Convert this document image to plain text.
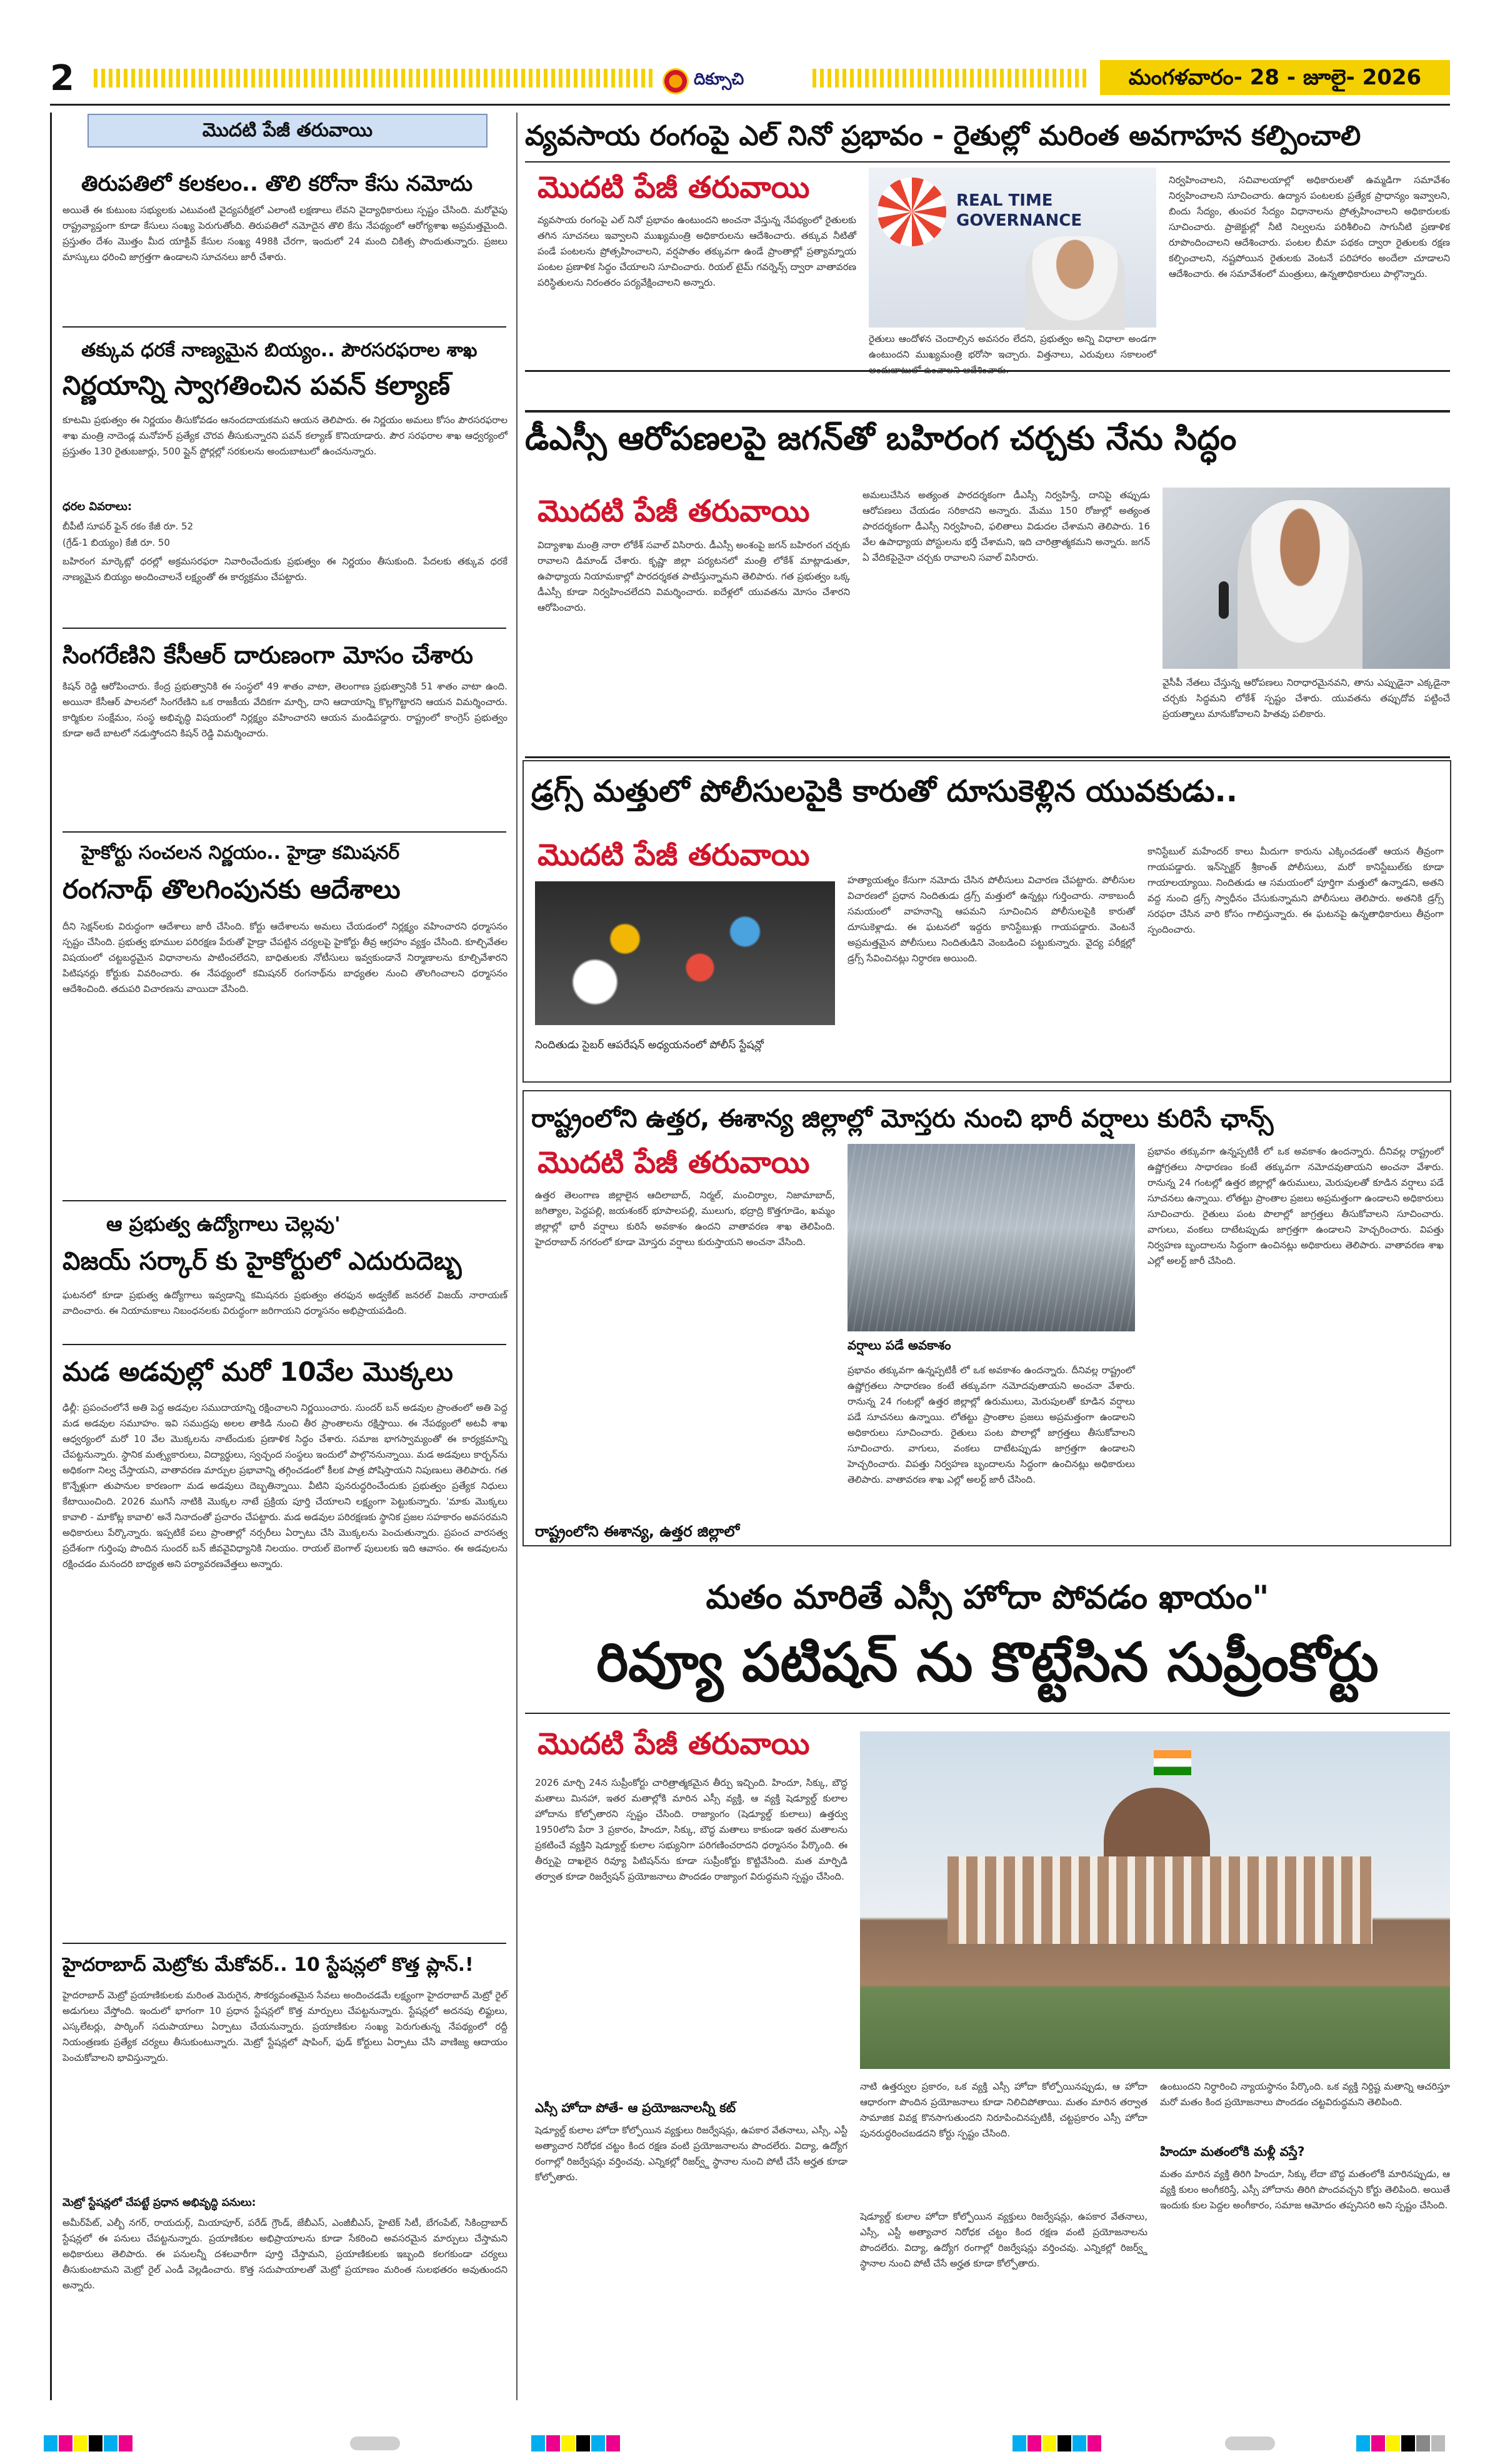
2	దిక్సూచి	మంగళవారం- 28 - జూలై- 2026
మొదటి పేజీ తరువాయి
తిరుపతిలో కలకలం.. తొలి కరోనా కేసు నమోదు
అయితే ఈ కుటుంబ సభ్యులకు ఎటువంటి వైద్యపరీక్షలో ఎలాంటి లక్షణాలు లేవని వైద్యాధికారులు స్పష్టం చేసింది. మరోవైపు రాష్ట్రవ్యాప్తంగా కూడా కేసులు సంఖ్య పెరుగుతోంది. తిరుపతిలో నమోదైన తొలి కేసు నేపథ్యంలో ఆరోగ్యశాఖ అప్రమత్తమైంది. ప్రస్తుతం దేశం మొత్తం మీద యాక్టివ్ కేసుల సంఖ్య 498కి చేరగా, ఇందులో 24 మంది చికిత్స పొందుతున్నారు. ప్రజలు మాస్కులు ధరించి జాగ్రత్తగా ఉండాలని సూచనలు జారీ చేశారు.
తక్కువ ధరకే నాణ్యమైన బియ్యం.. పౌరసరఫరాల శాఖ
నిర్ణయాన్ని స్వాగతించిన పవన్ కల్యాణ్
కూటమి ప్రభుత్వం ఈ నిర్ణయం తీసుకోవడం ఆనందదాయకమని ఆయన తెలిపారు. ఈ నిర్ణయం అమలు కోసం పౌరసరఫరాల శాఖ మంత్రి నాదెండ్ల మనోహర్ ప్రత్యేక చొరవ తీసుకున్నారని పవన్ కల్యాణ్ కొనియాడారు. పౌర సరఫరాల శాఖ ఆధ్వర్యంలో ప్రస్తుతం 130 రైతుబజార్లు, 500 ప్లైన్ స్టోర్లల్లో సరకులను అందుబాటులో ఉంచనున్నారు.
ధరల వివరాలు:
బీపీటీ సూపర్ ఫైన్ రకం కేజీ రూ. 52
(గ్రేడ్-1 బియ్యం) కేజీ రూ. 50
బహిరంగ మార్కెట్లో ధరల్లో అక్రమసరఫరా నివారించేందుకు ప్రభుత్వం ఈ నిర్ణయం తీసుకుంది. పేదలకు తక్కువ ధరకే నాణ్యమైన బియ్యం అందించాలనే లక్ష్యంతో ఈ కార్యక్రమం చేపట్టారు.
సింగరేణిని కేసీఆర్ దారుణంగా మోసం చేశారు
కిషన్ రెడ్డి ఆరోపించారు. కేంద్ర ప్రభుత్వానికి ఈ సంస్థలో 49 శాతం వాటా, తెలంగాణ ప్రభుత్వానికి 51 శాతం వాటా ఉంది. అయినా కేసీఆర్ పాలనలో సింగరేణిని ఒక రాజకీయ వేదికగా మార్చి, దాని ఆదాయాన్ని కొల్లగొట్టారని ఆయన విమర్శించారు. కార్మికుల సంక్షేమం, సంస్థ అభివృద్ధి విషయంలో నిర్లక్ష్యం వహించారని ఆయన మండిపడ్డారు. రాష్ట్రంలో కాంగ్రెస్ ప్రభుత్వం కూడా అదే బాటలో నడుస్తోందని కిషన్ రెడ్డి విమర్శించారు.
హైకోర్టు సంచలన నిర్ణయం.. హైడ్రా కమిషనర్
రంగనాథ్ తొలగింపునకు ఆదేశాలు
దీని సెక్షన్‌లకు విరుద్ధంగా ఆదేశాలు జారీ చేసింది. కోర్టు ఆదేశాలను అమలు చేయడంలో నిర్లక్ష్యం వహించారని ధర్మాసనం స్పష్టం చేసింది. ప్రభుత్వ భూముల పరిరక్షణ పేరుతో హైడ్రా చేపట్టిన చర్యలపై హైకోర్టు తీవ్ర ఆగ్రహం వ్యక్తం చేసింది. కూల్చివేతల విషయంలో చట్టబద్ధమైన విధానాలను పాటించలేదని, బాధితులకు నోటీసులు ఇవ్వకుండానే నిర్మాణాలను కూల్చివేశారని పిటిషనర్లు కోర్టుకు వివరించారు. ఈ నేపథ్యంలో కమిషనర్ రంగనాథ్‌ను బాధ్యతల నుంచి తొలగించాలని ధర్మాసనం ఆదేశించింది. తదుపరి విచారణను వాయిదా వేసింది.
ఆ ప్రభుత్వ ఉద్యోగాలు చెల్లవు'
విజయ్ సర్కార్ కు హైకోర్టులో ఎదురుదెబ్బ
ఘటనలో కూడా ప్రభుత్వ ఉద్యోగాలు ఇవ్వడాన్ని కమిషనరు ప్రభుత్వం తరఫున అడ్వకేట్ జనరల్ విజయ్ నారాయణ్ వాదించారు. ఈ నియామకాలు నిబంధనలకు విరుద్ధంగా జరిగాయని ధర్మాసనం అభిప్రాయపడింది.
మడ అడవుల్లో మరో 10వేల మొక్కలు
ఢిల్లీ: ప్రపంచంలోనే అతి పెద్ద అడవుల సముదాయాన్ని రక్షించాలని నిర్ణయించారు. సుందర్ బన్ అడవుల ప్రాంతంలో అతి పెద్ద మడ అడవుల సమూహం. ఇవి సముద్రపు అలల తాకిడి నుంచి తీర ప్రాంతాలను రక్షిస్తాయి. ఈ నేపథ్యంలో అటవీ శాఖ ఆధ్వర్యంలో మరో 10 వేల మొక్కలను నాటేందుకు ప్రణాళిక సిద్ధం చేశారు. సమాజ భాగస్వామ్యంతో ఈ కార్యక్రమాన్ని చేపట్టనున్నారు. స్థానిక మత్స్యకారులు, విద్యార్థులు, స్వచ్ఛంద సంస్థలు ఇందులో పాల్గొననున్నాయి. మడ అడవులు కార్బన్‌ను అధికంగా నిల్వ చేస్తాయని, వాతావరణ మార్పుల ప్రభావాన్ని తగ్గించడంలో కీలక పాత్ర పోషిస్తాయని నిపుణులు తెలిపారు. గత కొన్నేళ్లుగా తుపానుల కారణంగా మడ అడవులు దెబ్బతిన్నాయి. వీటిని పునరుద్ధరించేందుకు ప్రభుత్వం ప్రత్యేక నిధులు కేటాయించింది. 2026 ముగిసే నాటికి మొక్కల నాటే ప్రక్రియ పూర్తి చేయాలని లక్ష్యంగా పెట్టుకున్నారు. 'మాకు మొక్కలు కావాలి - మాకోట్ల కావాలి' అనే నినాదంతో ప్రచారం చేపట్టారు. మడ అడవుల పరిరక్షణకు స్థానిక ప్రజల సహకారం అవసరమని అధికారులు పేర్కొన్నారు. ఇప్పటికే పలు ప్రాంతాల్లో నర్సరీలు ఏర్పాటు చేసి మొక్కలను పెంచుతున్నారు. ప్రపంచ వారసత్వ ప్రదేశంగా గుర్తింపు పొందిన సుందర్ బన్ జీవవైవిధ్యానికి నిలయం. రాయల్ బెంగాల్ పులులకు ఇది ఆవాసం. ఈ అడవులను రక్షించడం మనందరి బాధ్యత అని పర్యావరణవేత్తలు అన్నారు.
హైదరాబాద్ మెట్రోకు మేకోవర్.. 10 స్టేషన్లలో కొత్త ప్లాన్.!
హైదరాబాద్ మెట్రో ప్రయాణికులకు మరింత మెరుగైన, సౌకర్యవంతమైన సేవలు అందించడమే లక్ష్యంగా హైదరాబాద్ మెట్రో రైల్ అడుగులు వేస్తోంది. ఇందులో భాగంగా 10 ప్రధాన స్టేషన్లలో కొత్త మార్పులు చేపట్టనున్నారు. స్టేషన్లలో అదనపు లిఫ్టులు, ఎస్కలేటర్లు, పార్కింగ్ సదుపాయాలు ఏర్పాటు చేయనున్నారు. ప్రయాణికుల సంఖ్య పెరుగుతున్న నేపథ్యంలో రద్దీ నియంత్రణకు ప్రత్యేక చర్యలు తీసుకుంటున్నారు. మెట్రో స్టేషన్లలో షాపింగ్, ఫుడ్ కోర్టులు ఏర్పాటు చేసి వాణిజ్య ఆదాయం పెంచుకోవాలని భావిస్తున్నారు.
మెట్రో స్టేషన్లలో చేపట్టే ప్రధాన అభివృద్ధి పనులు:
అమీర్‌పేట్, ఎల్బీ నగర్, రాయదుర్గ్, మియాపూర్, పరేడ్ గ్రౌండ్, జేబీఎస్, ఎంజీబీఎస్, హైటెక్ సిటీ, బేగంపేట్, సికింద్రాబాద్ స్టేషన్లలో ఈ పనులు చేపట్టనున్నారు. ప్రయాణికుల అభిప్రాయాలను కూడా సేకరించి అవసరమైన మార్పులు చేస్తామని అధికారులు తెలిపారు. ఈ పనులన్నీ దశలవారీగా పూర్తి చేస్తామని, ప్రయాణికులకు ఇబ్బంది కలగకుండా చర్యలు తీసుకుంటామని మెట్రో రైల్ ఎండీ వెల్లడించారు. కొత్త సదుపాయాలతో మెట్రో ప్రయాణం మరింత సులభతరం అవుతుందని అన్నారు.
వ్యవసాయ రంగంపై ఎల్ నినో ప్రభావం - రైతుల్లో మరింత అవగాహన కల్పించాలి
మొదటి పేజీ తరువాయి	REAL TIME
GOVERNANCE
వ్యవసాయ రంగంపై ఎల్ నినో ప్రభావం ఉంటుందని అంచనా వేస్తున్న నేపథ్యంలో రైతులకు తగిన సూచనలు ఇవ్వాలని ముఖ్యమంత్రి అధికారులను ఆదేశించారు. తక్కువ నీటితో పండే పంటలను ప్రోత్సహించాలని, వర్షపాతం తక్కువగా ఉండే ప్రాంతాల్లో ప్రత్యామ్నాయ పంటల ప్రణాళిక సిద్ధం చేయాలని సూచించారు. రియల్ టైమ్ గవర్నెన్స్ ద్వారా వాతావరణ పరిస్థితులను నిరంతరం పర్యవేక్షించాలని అన్నారు.
రైతులు ఆందోళన చెందాల్సిన అవసరం లేదని, ప్రభుత్వం అన్ని విధాలా అండగా ఉంటుందని ముఖ్యమంత్రి భరోసా ఇచ్చారు. విత్తనాలు, ఎరువులు సకాలంలో
నిర్వహించాలని, సచివాలయాల్లో అధికారులతో ఉమ్మడిగా సమావేశం నిర్వహించాలని సూచించారు. ఉద్యాన పంటలకు ప్రత్యేక ప్రాధాన్యం ఇవ్వాలని, బిందు సేద్యం, తుంపర సేద్యం విధానాలను ప్రోత్సహించాలని అధికారులకు సూచించారు. ప్రాజెక్టుల్లో నీటి నిల్వలను పరిశీలించి సాగునీటి ప్రణాళిక రూపొందించాలని ఆదేశించారు. పంటల బీమా పథకం ద్వారా రైతులకు రక్షణ కల్పించాలని, నష్టపోయిన రైతులకు వెంటనే పరిహారం అందేలా చూడాలని ఆదేశించారు. ఈ సమావేశంలో మంత్రులు, ఉన్నతాధికారులు పాల్గొన్నారు.
డీఎస్సీ ఆరోపణలపై జగన్‌తో బహిరంగ చర్చకు నేను సిద్ధం
మొదటి పేజీ తరువాయి
విద్యాశాఖ మంత్రి నారా లోకేశ్ సవాల్ విసిరారు. డీఎస్సీ అంశంపై జగన్ బహిరంగ చర్చకు రావాలని డిమాండ్ చేశారు. కృష్ణా జిల్లా పర్యటనలో మంత్రి లోకేశ్ మాట్లాడుతూ, ఉపాధ్యాయ నియామకాల్లో పారదర్శకత పాటిస్తున్నామని తెలిపారు. గత ప్రభుత్వం ఒక్క డీఎస్సీ కూడా నిర్వహించలేదని విమర్శించారు. ఐదేళ్లలో యువతను మోసం చేశారని ఆరోపించారు.
అమలుచేసిన అత్యంత పారదర్శకంగా డీఎస్సీ నిర్వహిస్తే, దానిపై తప్పుడు ఆరోపణలు చేయడం సరికాదని అన్నారు. మేము 150 రోజుల్లో అత్యంత పారదర్శకంగా డీఎస్సీ నిర్వహించి, ఫలితాలు విడుదల చేశామని తెలిపారు. 16 వేల ఉపాధ్యాయ పోస్టులను భర్తీ చేశామని, ఇది చారిత్రాత్మకమని అన్నారు. జగన్ ఏ వేదికపైనైనా చర్చకు రావాలని సవాల్ విసిరారు.
వైసీపీ నేతలు చేస్తున్న ఆరోపణలు నిరాధారమైనవని, తాను ఎప్పుడైనా ఎక్కడైనా చర్చకు సిద్ధమని లోకేశ్ స్పష్టం చేశారు. యువతను తప్పుదోవ పట్టించే ప్రయత్నాలు మానుకోవాలని హితవు పలికారు.
డ్రగ్స్ మత్తులో పోలీసులపైకి కారుతో దూసుకెళ్లిన యువకుడు..
మొదటి పేజీ తరువాయి
నిందితుడు సైబర్ ఆపరేషన్ అధ్యయనంలో పోలీస్ స్టేషన్లో
హత్యాయత్నం కేసుగా నమోదు చేసిన పోలీసులు విచారణ చేపట్టారు. పోలీసుల విచారణలో ప్రధాన నిందితుడు డ్రగ్స్ మత్తులో ఉన్నట్లు గుర్తించారు. నాకాబందీ సమయంలో వాహనాన్ని ఆపమని సూచించిన పోలీసులపైకి కారుతో దూసుకెళ్లాడు. ఈ ఘటనలో ఇద్దరు కానిస్టేబుళ్లు గాయపడ్డారు. వెంటనే అప్రమత్తమైన పోలీసులు నిందితుడిని వెంబడించి పట్టుకున్నారు. వైద్య పరీక్షల్లో డ్రగ్స్ సేవించినట్లు నిర్ధారణ అయింది.
కానిస్టేబుల్ మహేందర్ కాలు మీదుగా కారును ఎక్కించడంతో ఆయన తీవ్రంగా గాయపడ్డారు. ఇన్‌స్పెక్టర్ శ్రీకాంత్ పోలీసులు, మరో కానిస్టేబుల్‌కు కూడా గాయాలయ్యాయి. నిందితుడు ఆ సమయంలో పూర్తిగా మత్తులో ఉన్నాడని, అతని వద్ద నుంచి డ్రగ్స్ స్వాధీనం చేసుకున్నామని పోలీసులు తెలిపారు. అతనికి డ్రగ్స్ సరఫరా చేసిన వారి కోసం గాలిస్తున్నారు. ఈ ఘటనపై ఉన్నతాధికారులు తీవ్రంగా స్పందించారు.
రాష్ట్రంలోని ఉత్తర, ఈశాన్య జిల్లాల్లో మోస్తరు నుంచి భారీ వర్షాలు కురిసే ఛాన్స్
మొదటి పేజీ తరువాయి
ఉత్తర తెలంగాణ జిల్లాలైన ఆదిలాబాద్, నిర్మల్, మంచిర్యాల, నిజామాబాద్, జగిత్యాల, పెద్దపల్లి, జయశంకర్ భూపాలపల్లి, ములుగు, భద్రాద్రి కొత్తగూడెం, ఖమ్మం జిల్లాల్లో భారీ వర్షాలు కురిసే అవకాశం ఉందని వాతావరణ శాఖ తెలిపింది. హైదరాబాద్ నగరంలో కూడా మోస్తరు వర్షాలు కురుస్తాయని అంచనా వేసింది.
వర్షాలు పడే అవకాశం
ప్రభావం తక్కువగా ఉన్నప్పటికీ లో ఒక అవకాశం ఉందన్నారు. దీనివల్ల రాష్ట్రంలో ఉష్ణోగ్రతలు సాధారణం కంటే తక్కువగా నమోదవుతాయని అంచనా వేశారు. రానున్న 24 గంటల్లో ఉత్తర జిల్లాల్లో ఉరుములు, మెరుపులతో కూడిన వర్షాలు పడే సూచనలు ఉన్నాయి. లోతట్టు ప్రాంతాల ప్రజలు అప్రమత్తంగా ఉండాలని అధికారులు సూచించారు. రైతులు పంట పొలాల్లో జాగ్రత్తలు తీసుకోవాలని సూచించారు. వాగులు, వంకలు దాటేటప్పుడు జాగ్రత్తగా ఉండాలని హెచ్చరించారు. విపత్తు నిర్వహణ బృందాలను సిద్ధంగా ఉంచినట్లు అధికారులు తెలిపారు. వాతావరణ శాఖ ఎల్లో అలర్ట్ జారీ చేసింది.
రాష్ట్రంలోని ఈశాన్య, ఉత్తర జిల్లాలో
ప్రభావం తక్కువగా ఉన్నప్పటికీ లో ఒక అవకాశం ఉందన్నారు. దీనివల్ల రాష్ట్రంలో ఉష్ణోగ్రతలు సాధారణం కంటే తక్కువగా నమోదవుతాయని అంచనా వేశారు. రానున్న 24 గంటల్లో ఉత్తర జిల్లాల్లో ఉరుములు, మెరుపులతో కూడిన వర్షాలు పడే సూచనలు ఉన్నాయి. లోతట్టు ప్రాంతాల ప్రజలు అప్రమత్తంగా ఉండాలని అధికారులు సూచించారు. రైతులు పంట పొలాల్లో జాగ్రత్తలు తీసుకోవాలని సూచించారు. వాగులు, వంకలు దాటేటప్పుడు జాగ్రత్తగా ఉండాలని హెచ్చరించారు. విపత్తు నిర్వహణ బృందాలను సిద్ధంగా ఉంచినట్లు అధికారులు తెలిపారు. వాతావరణ శాఖ ఎల్లో అలర్ట్ జారీ చేసింది.
మతం మారితే ఎస్సీ హోదా పోవడం ఖాయం"
రివ్యూ పటిషన్ ను కొట్టేసిన సుప్రీంకోర్టు
మొదటి పేజీ తరువాయి
2026 మార్చి 24న సుప్రీంకోర్టు చారిత్రాత్మకమైన తీర్పు ఇచ్చింది. హిందూ, సిక్కు, బౌద్ధ మతాలు మినహా, ఇతర మతాల్లోకి మారిన ఎస్సీ వ్యక్తి, ఆ వ్యక్తి షెడ్యూల్డ్ కులాల హోదాను కోల్పోతారని స్పష్టం చేసింది. రాజ్యాంగం (షెడ్యూల్డ్ కులాలు) ఉత్తర్వు 1950లోని పేరా 3 ప్రకారం, హిందూ, సిక్కు, బౌద్ధ మతాలు కాకుండా ఇతర మతాలను ప్రకటించే వ్యక్తిని షెడ్యూల్డ్ కులాల సభ్యునిగా పరిగణించరాదని ధర్మాసనం పేర్కొంది. ఈ తీర్పుపై దాఖలైన రివ్యూ పిటిషన్‌ను కూడా సుప్రీంకోర్టు కొట్టివేసింది. మత మార్పిడి తర్వాత కూడా రిజర్వేషన్ ప్రయోజనాలు పొందడం రాజ్యాంగ విరుద్ధమని స్పష్టం చేసింది.
ఎస్సీ హోదా పోతే- ఆ ప్రయోజనాలన్నీ కట్
షెడ్యూల్డ్ కులాల హోదా కోల్పోయిన వ్యక్తులు రిజర్వేషన్లు, ఉపకార వేతనాలు, ఎస్సీ, ఎస్టీ అత్యాచార నిరోధక చట్టం కింద రక్షణ వంటి ప్రయోజనాలను పొందలేరు. విద్యా, ఉద్యోగ రంగాల్లో రిజర్వేషన్లు వర్తించవు. ఎన్నికల్లో రిజర్వ్డ్ స్థానాల నుంచి పోటీ చేసే అర్హత కూడా కోల్పోతారు.
నాటి ఉత్తర్వుల ప్రకారం, ఒక వ్యక్తి ఎస్సీ హోదా కోల్పోయినప్పుడు, ఆ హోదా ఆధారంగా పొందిన ప్రయోజనాలు కూడా నిలిచిపోతాయి. మతం మారిన తర్వాత సామాజిక వివక్ష కొనసాగుతుందని నిరూపించినప్పటికీ, చట్టప్రకారం ఎస్సీ హోదా పునరుద్ధరించబడదని కోర్టు స్పష్టం చేసింది.
ఉంటుందని నిర్ధారించి న్యాయస్థానం పేర్కొంది. ఒక వ్యక్తి నిర్దిష్ట మతాన్ని ఆచరిస్తూ మరో మతం కింద ప్రయోజనాలు పొందడం చట్టవిరుద్ధమని తెలిపింది.
హిందూ మతంలోకి మళ్లీ వస్తే?
మతం మారిన వ్యక్తి తిరిగి హిందూ, సిక్కు లేదా బౌద్ధ మతంలోకి మారినప్పుడు, ఆ వ్యక్తి కులం అంగీకరిస్తే, ఎస్సీ హోదాను తిరిగి పొందవచ్చని కోర్టు తెలిపింది. అయితే ఇందుకు కుల పెద్దల అంగీకారం, సమాజ ఆమోదం తప్పనిసరి అని స్పష్టం చేసింది.
షెడ్యూల్డ్ కులాల హోదా కోల్పోయిన వ్యక్తులు రిజర్వేషన్లు, ఉపకార వేతనాలు, ఎస్సీ, ఎస్టీ అత్యాచార నిరోధక చట్టం కింద రక్షణ వంటి ప్రయోజనాలను పొందలేరు. విద్యా, ఉద్యోగ రంగాల్లో రిజర్వేషన్లు వర్తించవు. ఎన్నికల్లో రిజర్వ్డ్ స్థానాల నుంచి పోటీ చేసే అర్హత కూడా కోల్పోతారు.
